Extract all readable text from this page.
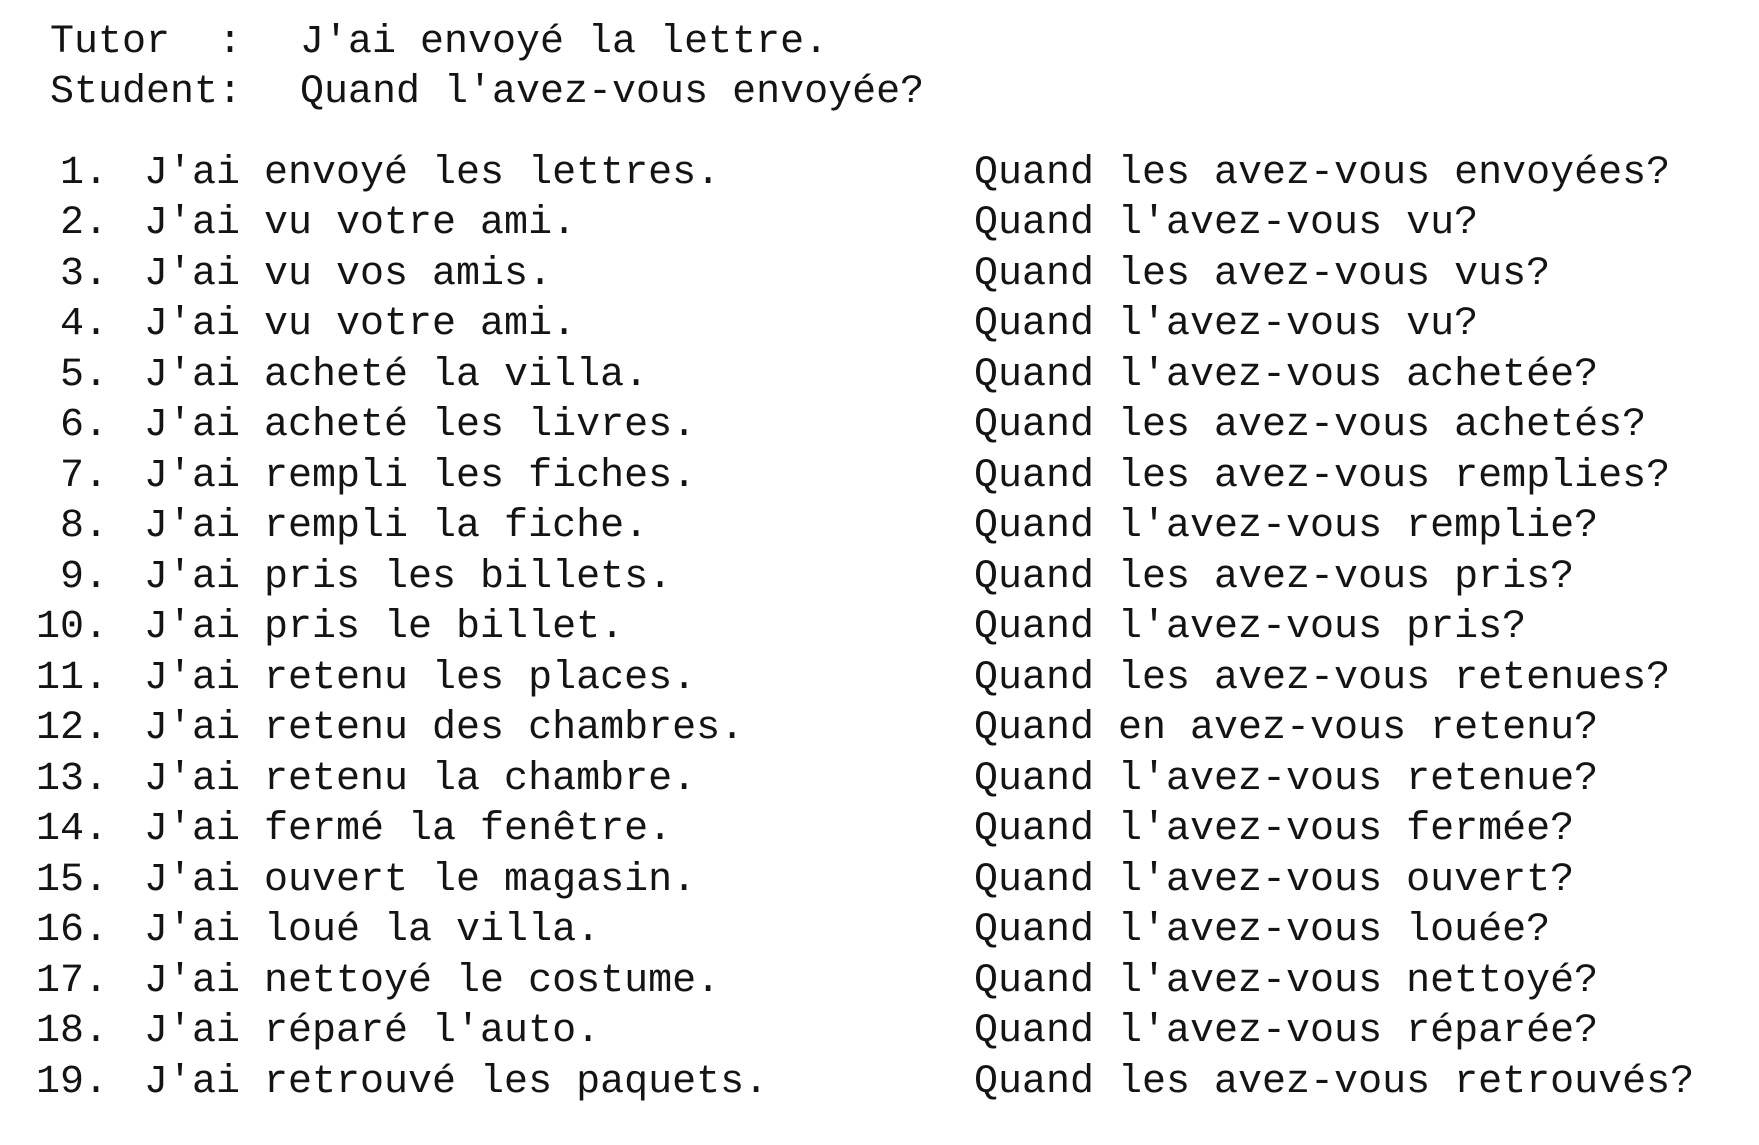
Tutor  :	J'ai envoyé la lettre.
Student:	Quand l'avez-vous envoyée?
1 . J'ai envoyé les lettres.	Quand les avez-vous envoyées?
2 . J'ai vu votre ami.	Quand l'avez-vous vu?
3 . J'ai vu vos amis.	Quand les avez-vous vus?
4 . J'ai vu votre ami.	Quand l'avez-vous vu?
5 . J'ai acheté la villa.	Quand l'avez-vous achetée?
6 . J'ai acheté les livres.	Quand les avez-vous achetés?
7 . J'ai rempli les fiches.	Quand les avez-vous remplies?
8 . J'ai rempli la fiche.	Quand l'avez-vous remplie?
9 . J'ai pris les billets.	Quand les avez-vous pris?
10 . J'ai pris le billet.	Quand l'avez-vous pris?
11 . J'ai retenu les places.	Quand les avez-vous retenues?
12 . J'ai retenu des chambres.	Quand en avez-vous retenu?
13 . J'ai retenu la chambre.	Quand l'avez-vous retenue?
14 . J'ai fermé la fenêtre.	Quand l'avez-vous fermée?
15 . J'ai ouvert le magasin.	Quand l'avez-vous ouvert?
16 . J'ai loué la villa.	Quand l'avez-vous louée?
17 . J'ai nettoyé le costume.	Quand l'avez-vous nettoyé?
18 . J'ai réparé l'auto.	Quand l'avez-vous réparée?
19 . J'ai retrouvé les paquets.	Quand les avez-vous retrouvés?
